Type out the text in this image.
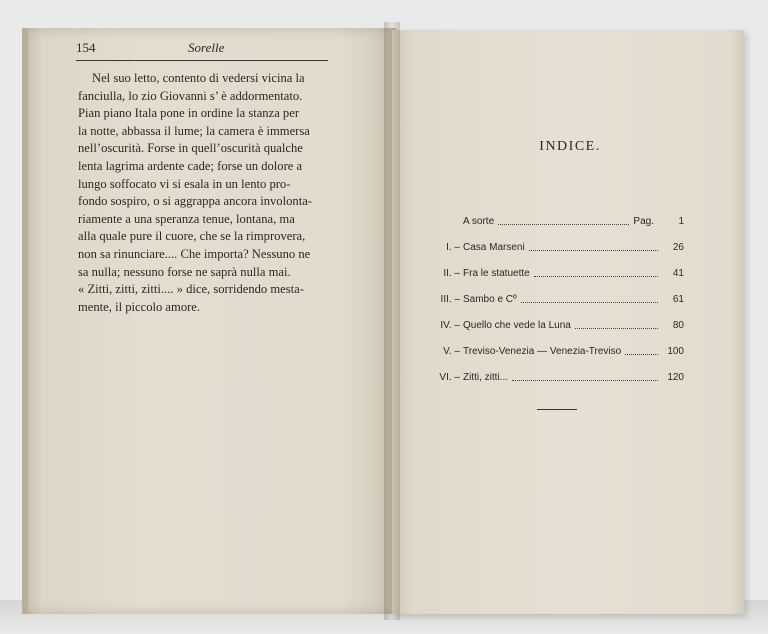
154	Sorelle

Nel suo letto, contento di vedersi vicina la

fanciulla, lo zio Giovanni s’ è addormentato.

Pian piano Itala pone in ordine la stanza per

la notte, abbassa il lume; la camera è immersa

nell’oscurità. Forse in quell’oscurità qualche

lenta lagrima ardente cade; forse un dolore a

lungo soffocato vi si esala in un lento pro-

fondo sospiro, o si aggrappa ancora involonta-

riamente a una speranza tenue, lontana, ma

alla quale pure il cuore, che se la rimprovera,

non sa rinunciare.... Che importa? Nessuno ne

sa nulla; nessuno forse ne saprà nulla mai.

« Zitti, zitti, zitti.... » dice, sorridendo mesta-

mente, il piccolo amore.

INDICE.
A sorte	Pag.	1
I. – Casa Marseni	26
II. – Fra le statuette	41
III. – Sambo e Cº	61
IV. – Quello che vede la Luna	80
V. – Treviso-Venezia — Venezia-Treviso	100
VI. – Zitti, zitti...	120
